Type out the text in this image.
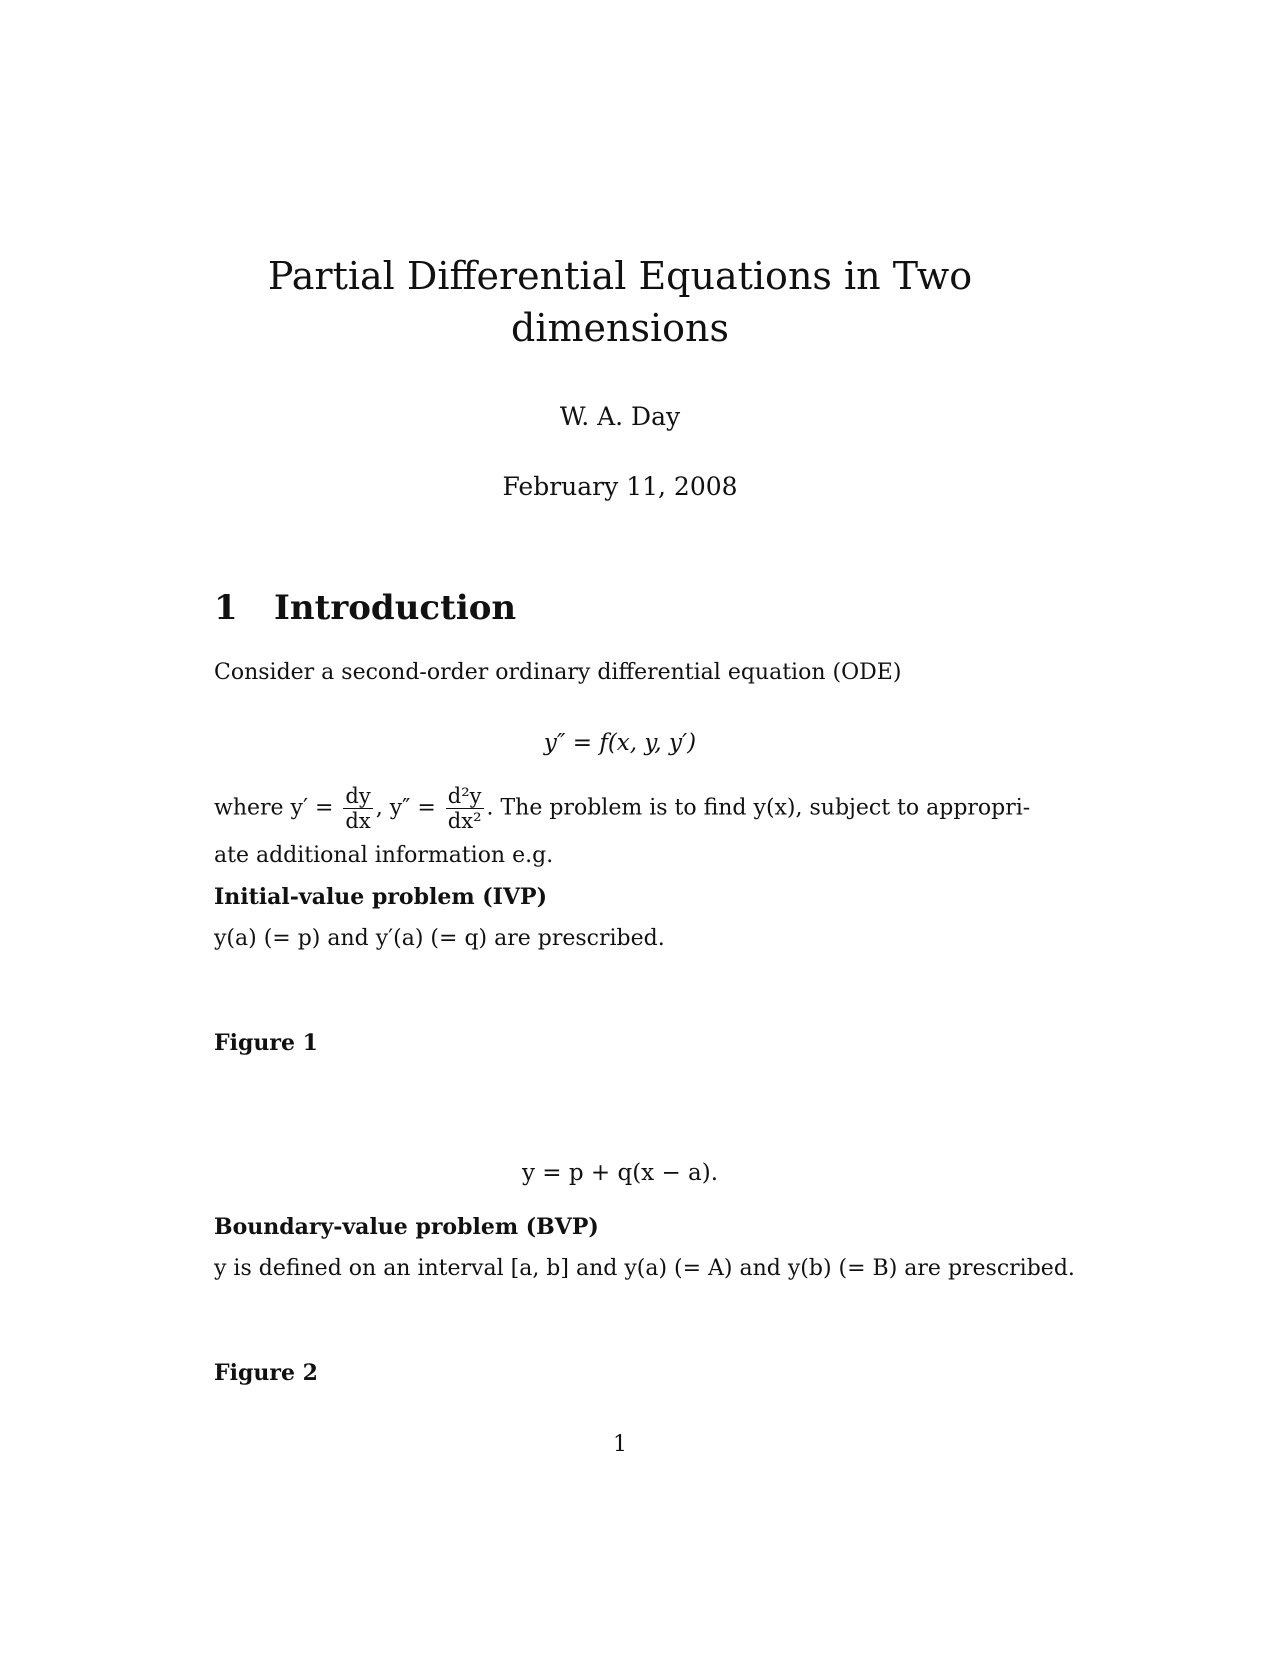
Partial Differential Equations in Two
dimensions
W. A. Day
February 11, 2008
1 Introduction
Consider a second-order ordinary differential equation (ODE)
y″ = f(x, y, y′)
where $y' = \frac{dy}{dx}$ , $y'' = \frac{\text{d²y}}{\text{dx²}}$ . The problem is to find y(x), subject to appropri-
ate additional information e.g.
Initial-value problem (IVP)
y(a) (= p) and y′(a) (= q) are prescribed.
Figure 1
y = p + q(x − a).
Boundary-value problem (BVP)
y is defined on an interval [a, b] and y(a) (= A) and y(b) (= B) are prescribed.
Figure 2
1
